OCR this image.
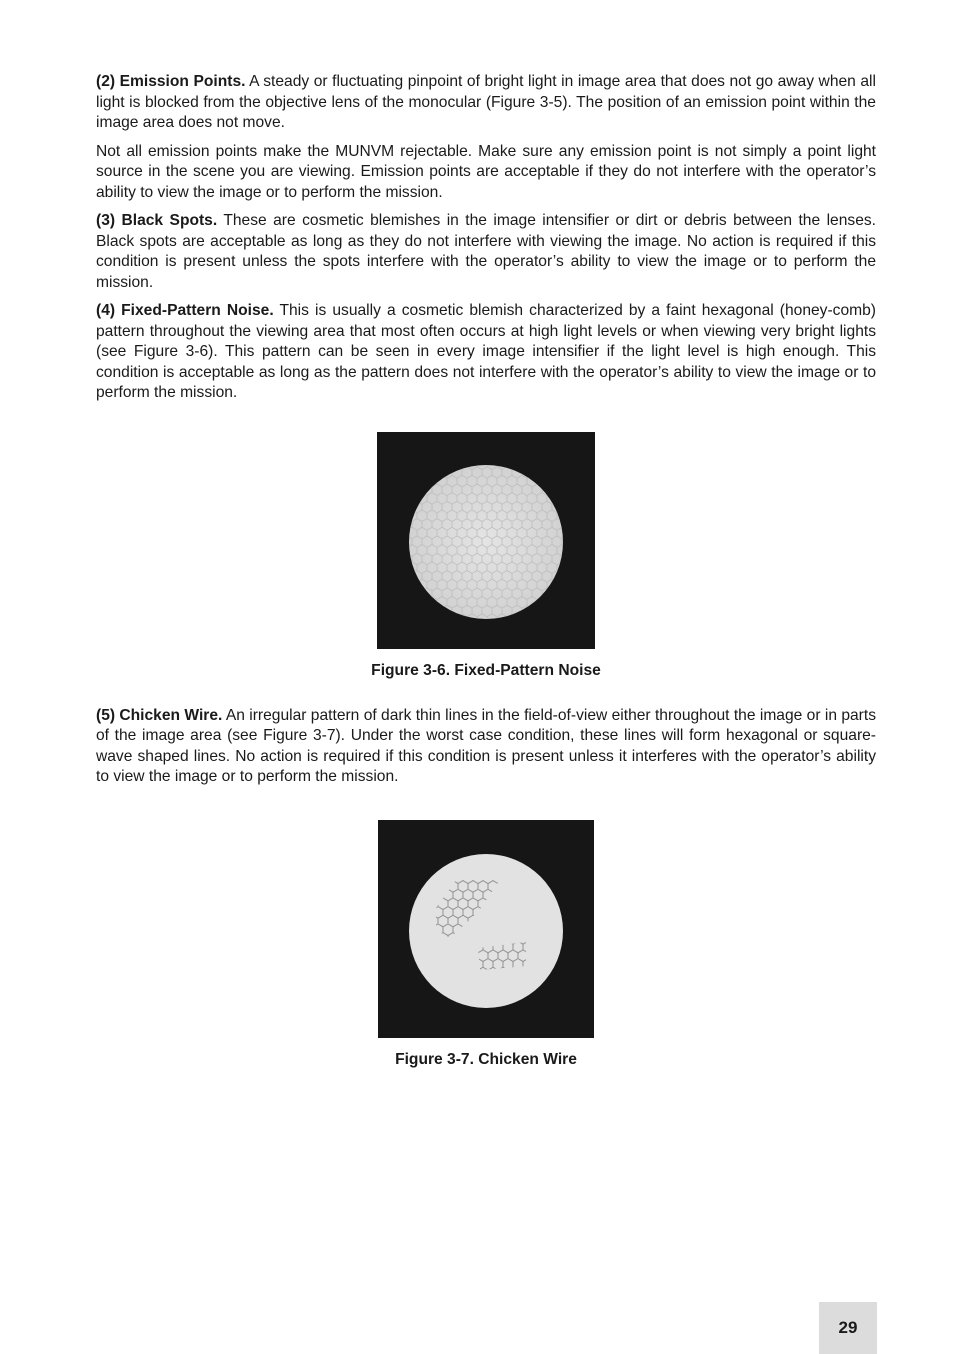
(2) Emission Points. A steady or fluctuating pinpoint of bright light in image area that does not go away when all light is blocked from the objective lens of the monocular (Figure 3-5). The position of an emission point within the image area does not move.

Not all emission points make the MUNVM rejectable. Make sure any emission point is not simply a point light source in the scene you are viewing. Emission points are acceptable if they do not interfere with the operator’s ability to view the image or to perform the mission.

(3) Black Spots. These are cosmetic blemishes in the image intensifier or dirt or debris between the lenses. Black spots are acceptable as long as they do not interfere with viewing the image. No action is required if this condition is present unless the spots interfere with the operator’s ability to view the image or to perform the mission.

(4) Fixed-Pattern Noise. This is usually a cosmetic blemish characterized by a faint hexagonal (honey-comb) pattern throughout the viewing area that most often occurs at high light levels or when viewing very bright lights (see Figure 3-6). This pattern can be seen in every image intensifier if the light level is high enough. This condition is acceptable as long as the pattern does not interfere with the operator’s ability to view the image or to perform the mission.

Figure 3-6. Fixed-Pattern Noise

(5) Chicken Wire. An irregular pattern of dark thin lines in the field-of-view either throughout the image or in parts of the image area (see Figure 3-7). Under the worst case condition, these lines will form hexagonal or square-wave shaped lines. No action is required if this condition is present unless it interferes with the operator’s ability to view the image or to perform the mission.

Figure 3-7. Chicken Wire
29
